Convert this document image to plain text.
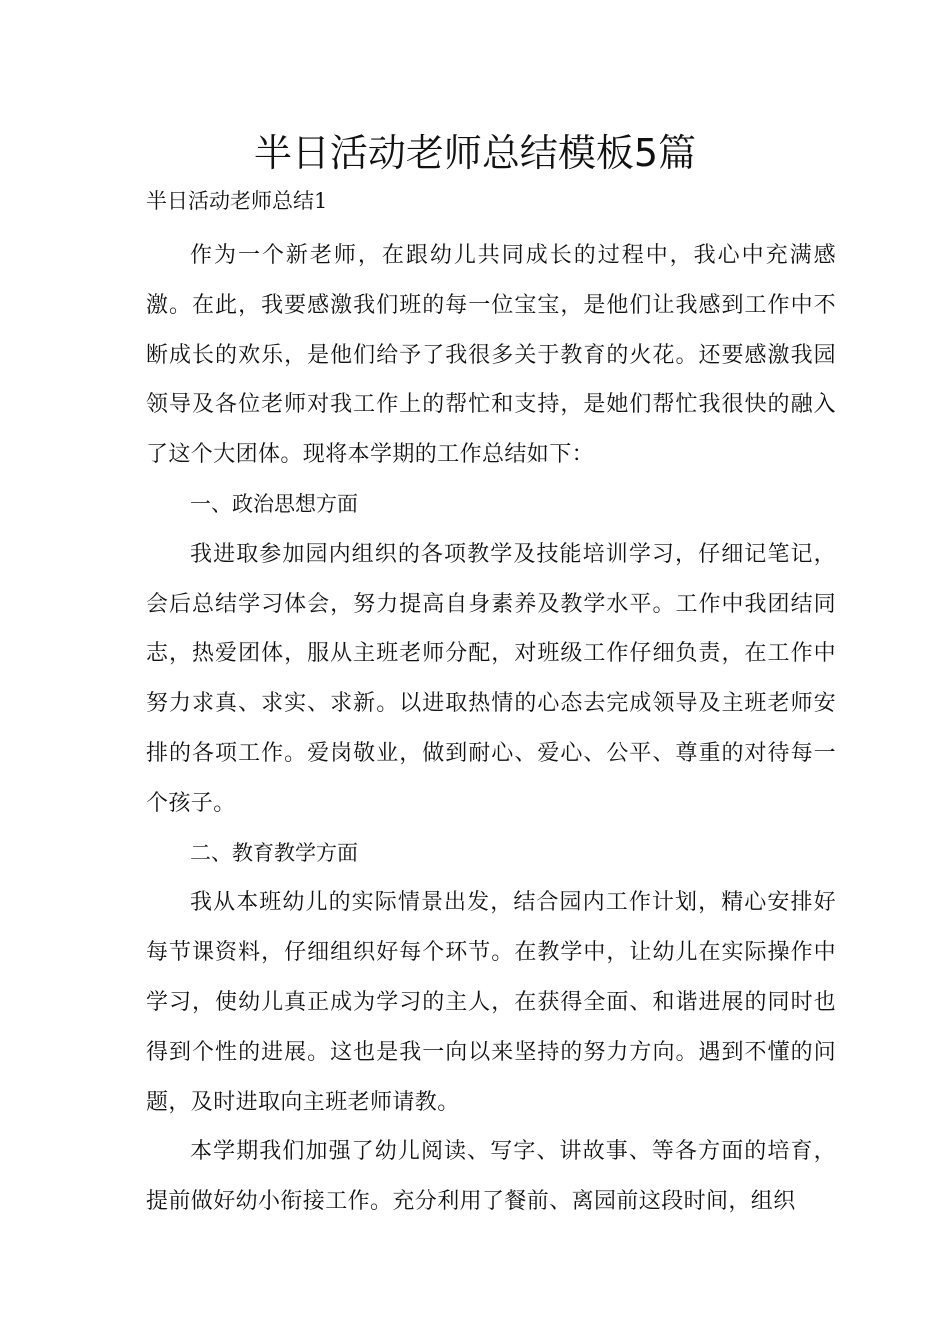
半日活动老师总结模板5篇

半日活动老师总结1

作为一个新老师，在跟幼儿共同成长的过程中，我心中充满感激。在此，我要感激我们班的每一位宝宝，是他们让我感到工作中不断成长的欢乐，是他们给予了我很多关于教育的火花。还要感激我园领导及各位老师对我工作上的帮忙和支持，是她们帮忙我很快的融入了这个大团体。现将本学期的工作总结如下：

一、政治思想方面

我进取参加园内组织的各项教学及技能培训学习，仔细记笔记，会后总结学习体会，努力提高自身素养及教学水平。工作中我团结同志，热爱团体，服从主班老师分配，对班级工作仔细负责，在工作中努力求真、求实、求新。以进取热情的心态去完成领导及主班老师安排的各项工作。爱岗敬业，做到耐心、爱心、公平、尊重的对待每一个孩子。

二、教育教学方面

我从本班幼儿的实际情景出发，结合园内工作计划，精心安排好每节课资料，仔细组织好每个环节。在教学中，让幼儿在实际操作中学习，使幼儿真正成为学习的主人，在获得全面、和谐进展的同时也得到个性的进展。这也是我一向以来坚持的努力方向。遇到不懂的问题，及时进取向主班老师请教。

本学期我们加强了幼儿阅读、写字、讲故事、等各方面的培育，提前做好幼小衔接工作。充分利用了餐前、离园前这段时间，组织
